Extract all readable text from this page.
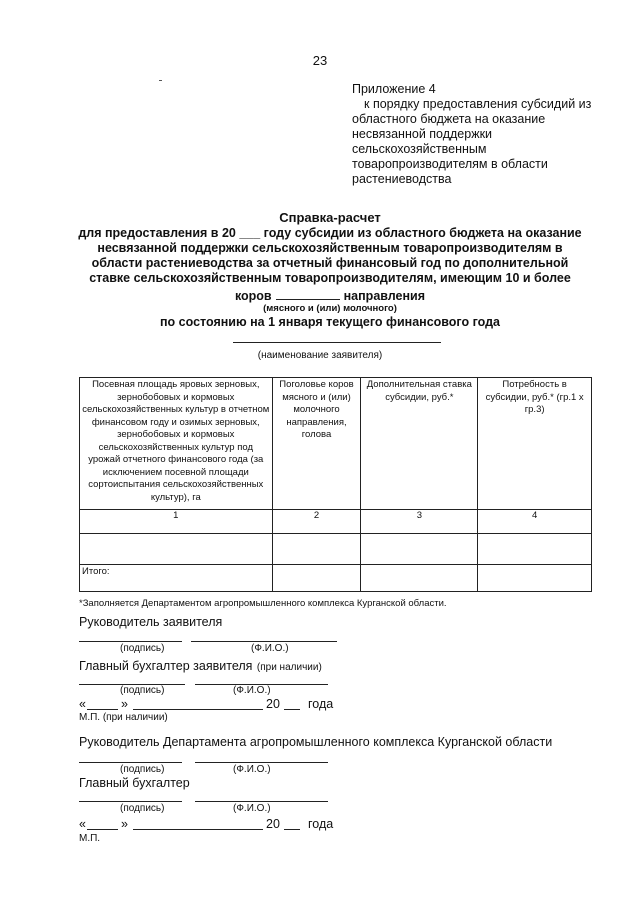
23
Приложение 4
к порядку предоставления субсидий из
областного бюджета на оказание
несвязанной поддержки
сельскохозяйственным
товаропроизводителям в области
растениеводства
Справка-расчет
для предоставления в 20 ___ году субсидии из областного бюджета на оказание
несвязанной поддержки сельскохозяйственным товаропроизводителям в
области растениеводства за отчетный финансовый год по дополнительной
ставке сельскохозяйственным товаропроизводителям, имеющим 10 и более
коров	направления
(мясного и (или) молочного)
по состоянию на 1 января текущего финансового года
(наименование заявителя)
Посевная площадь яровых зерновых, зернобобовых и кормовых сельскохозяйственных культур в отчетном финансовом году и озимых зерновых, зернобобовых и кормовых сельскохозяйственных культур под урожай отчетного финансового года (за исключением посевной площади сортоиспытания сельскохозяйственных культур), га	Поголовье коров мясного и (или) молочного направления, голова	Дополнительная ставка субсидии, руб.*	Потребность в субсидии, руб.* (гр.1 x гр.3)
1	2	3	4

Итого:			
*Заполняется Департаментом агропромышленного комплекса Курганской области.
Руководитель заявителя
(подпись)	(Ф.И.О.)
Главный бухгалтер заявителя (при наличии)
(подпись)	(Ф.И.О.)
«	»	20 года
М.П. (при наличии)
Руководитель Департамента агропромышленного комплекса Курганской области
(подпись)	(Ф.И.О.)
Главный бухгалтер
(подпись)	(Ф.И.О.)
«	»	20 года
М.П.
